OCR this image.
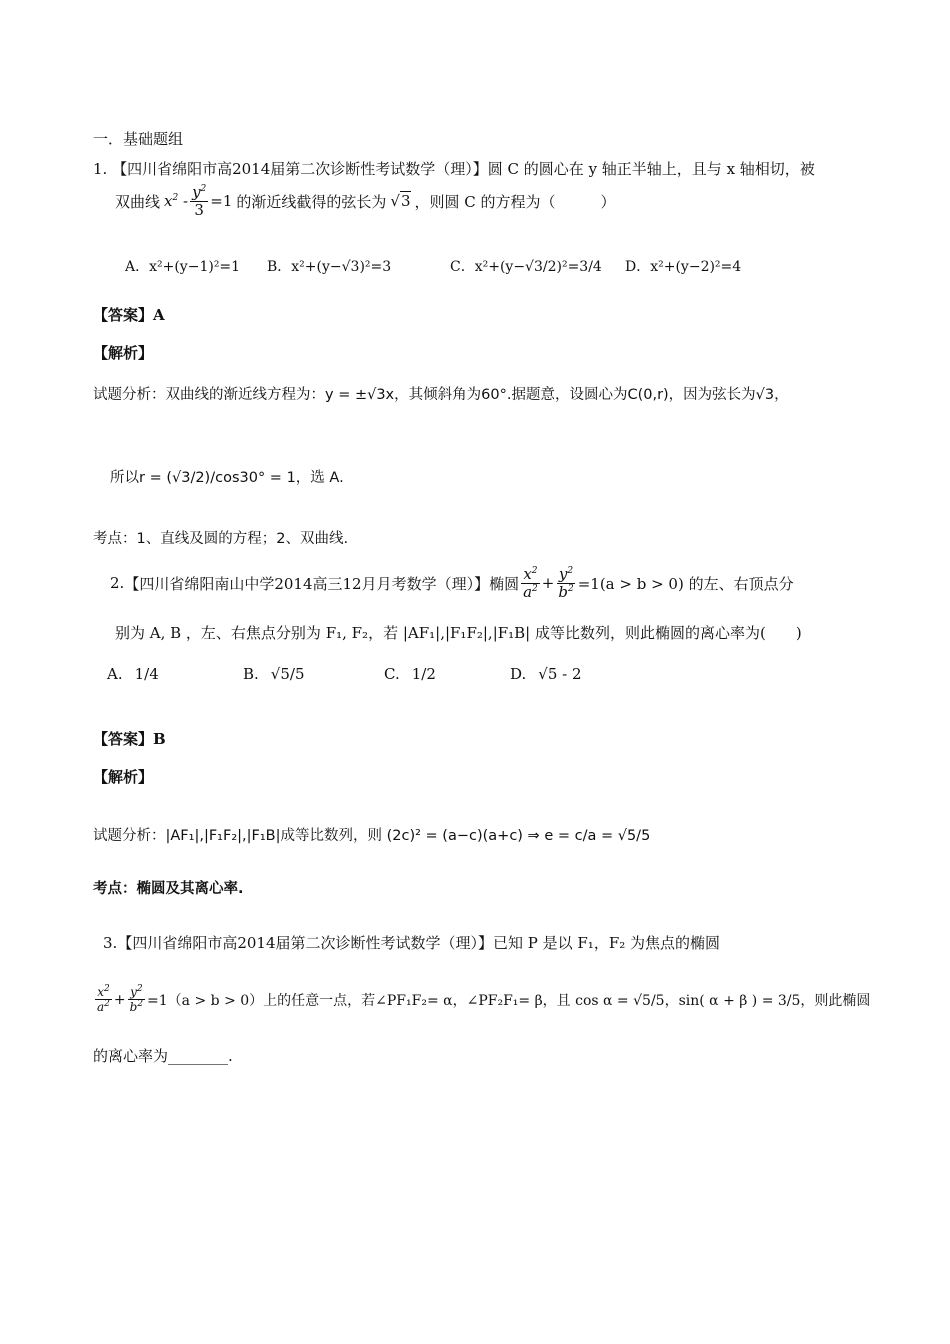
一．基础题组
1. 【四川省绵阳市高2014届第二次诊断性考试数学（理）】圆 C 的圆心在 y 轴正半轴上，且与 x 轴相切，被
双曲线 $x^2 - \frac{y^2}{3} =1$ 的渐近线截得的弦长为 √3 ，则圆 C 的方程为（　　　）
A．x²+(y−1)²=1 B．x²+(y−√3)²=3	C．x²+(y−√3/2)²=3/4 D．x²+(y−2)²=4
【答案】A
【解析】
试题分析：双曲线的渐近线方程为：y = ±√3x，其倾斜角为60°.据题意，设圆心为C(0,r)，因为弦长为√3，
所以r = (√3/2)/cos30° = 1，选 A.
考点：1、直线及圆的方程；2、双曲线.
2. 【四川省绵阳南山中学2014高三12月月考数学（理）】 椭圆 $\frac{x^2}{a^2} + \frac{y^2}{b^2} =1(a > b > 0)$ 的左、右顶点分
别为 A, B ，左、右焦点分别为 F₁, F₂，若 |AF₁|,|F₁F₂|,|F₁B| 成等比数列，则此椭圆的离心率为(　　)
A. 1/4	B. √5/5	C. 1/2	D. √5 - 2
【答案】B
【解析】
试题分析：|AF₁|,|F₁F₂|,|F₁B|成等比数列，则 (2c)² = (a−c)(a+c) ⇒ e = c/a = √5/5
考点：椭圆及其离心率.
3.【四川省绵阳市高2014届第二次诊断性考试数学（理）】已知 P 是以 F₁，F₂ 为焦点的椭圆
$\frac{x^2}{a^2} + \frac{y^2}{b^2} =1(a > b > 0)$上的任意一点，若∠PF₁F₂= α，∠PF₂F₁= β，且 cos α = √5/5，sin( α + β ) = 3/5，则此椭圆
的离心率为________.
